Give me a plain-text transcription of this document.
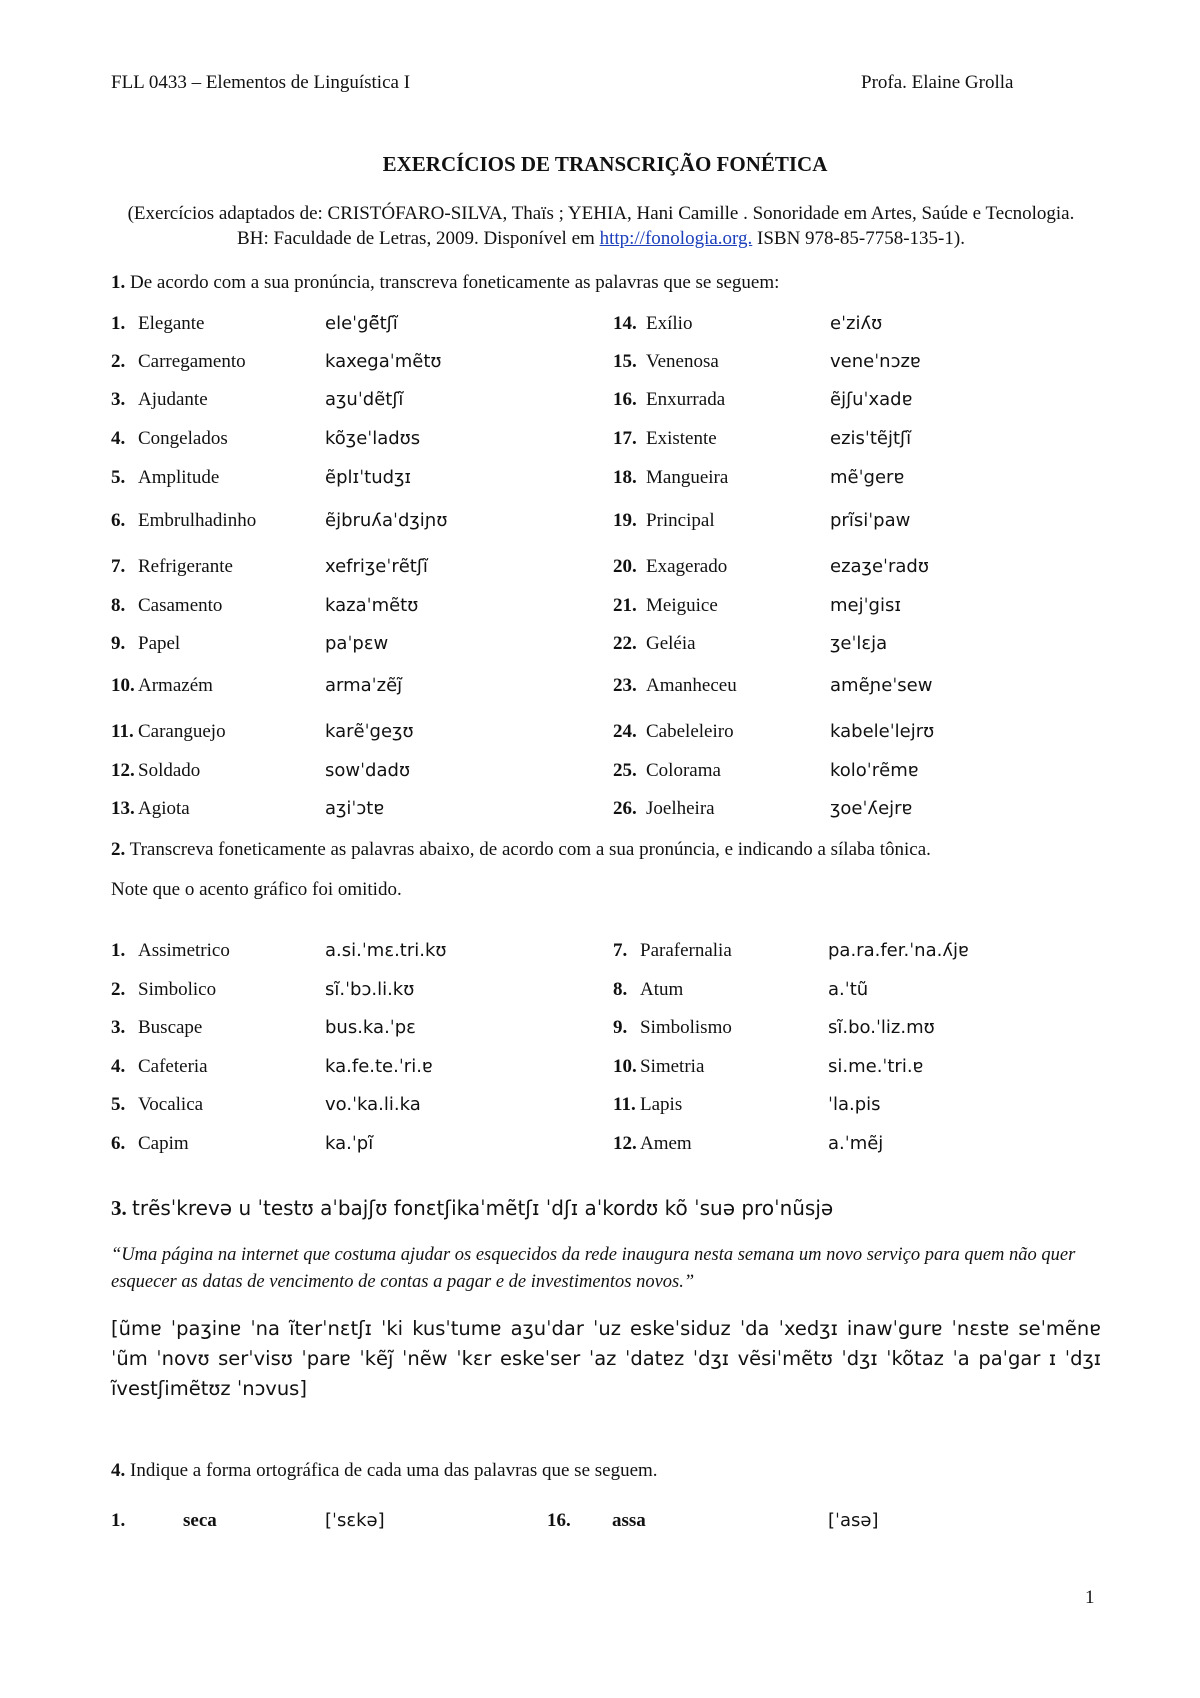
FLL 0433 – Elementos de Linguística I	Profa. Elaine Grolla
EXERCÍCIOS DE TRANSCRIÇÃO FONÉTICA
(Exercícios adaptados de: CRISTÓFARO-SILVA, Thaïs ; YEHIA, Hani Camille . Sonoridade em Artes, Saúde e Tecnologia. BH: Faculdade de Letras, 2009. Disponível em http://fonologia.org. ISBN 978-85-7758-135-1).
1. De acordo com a sua pronúncia, transcreva foneticamente as palavras que se seguem:
1. Elegante	eleˈgẽ̃tʃĩ
2. Carregamento	kaxegaˈmẽtʊ
3. Ajudante	aʒuˈdẽtʃĩ
4. Congelados	kõʒeˈladʊs
5. Amplitude	ẽplɪˈtudʒɪ
6. Embrulhadinho	ẽjbruʎaˈdʒiɲʊ
7. Refrigerante	xefriʒeˈrẽtʃĩ
8. Casamento	kazaˈmẽtʊ
9. Papel	paˈpɛw
10. Armazém	armaˈzẽj̃
11. Caranguejo	karẽˈgeʒʊ
12. Soldado	sowˈdadʊ
13. Agiota	aʒiˈɔtɐ
14. Exílio	eˈziʎʊ
15. Venenosa	veneˈnɔzɐ
16. Enxurrada	ẽjʃuˈxadɐ
17. Existente	ezisˈtẽjtʃĩ
18. Mangueira	mẽˈgerɐ
19. Principal	prĩsiˈpaw
20. Exagerado	ezaʒeˈradʊ
21. Meiguice	mejˈgisɪ
22. Geléia	ʒeˈlɛja
23. Amanheceu	amẽɲeˈsew
24. Cabeleleiro	kabeleˈlejrʊ
25. Colorama	koloˈrẽmɐ
26. Joelheira	ʒoeˈʎejrɐ
2. Transcreva foneticamente as palavras abaixo, de acordo com a sua pronúncia, e indicando a sílaba tônica.
Note que o acento gráfico foi omitido.
1. Assimetrico	a.si.ˈmɛ.tri.kʊ
2. Simbolico	sĩ.ˈbɔ.li.kʊ
3. Buscape	bus.ka.ˈpɛ
4. Cafeteria	ka.fe.te.ˈri.ɐ
5. Vocalica	vo.ˈka.li.ka
6. Capim	ka.ˈpĩ
7. Parafernalia	pa.ra.fer.ˈna.ʎjɐ
8. Atum	a.ˈtũ
9. Simbolismo	sĩ.bo.ˈliz.mʊ
10. Simetria	si.me.ˈtri.ɐ
11. Lapis	ˈla.pis
12. Amem	a.ˈmẽj
3. trẽsˈkrevə u ˈtestʊ aˈbajʃʊ fonɛtʃikaˈmẽtʃɪ ˈdʃɪ aˈkordʊ kõ ˈsuə proˈnũsjə
“Uma página na internet que costuma ajudar os esquecidos da rede inaugura nesta semana um novo serviço para quem não quer esquecer as datas de vencimento de contas a pagar e de investimentos novos.”
[ũmɐ ˈpaʒinɐ ˈna ĩterˈnɛtʃɪ ˈki kusˈtumɐ aʒuˈdar ˈuz eskeˈsiduz ˈda ˈxedʒɪ inawˈgurɐ ˈnɛstɐ seˈmẽnɐ ˈũm ˈnovʊ serˈvisʊ ˈparɐ ˈkẽj̃ ˈnẽw ˈkɛr eskeˈser ˈaz ˈdatɐz ˈdʒɪ vẽsiˈmẽtʊ ˈdʒɪ ˈkõtaz ˈa paˈgar ɪ ˈdʒɪ ĩvestʃimẽtʊz ˈnɔvus]
4. Indique a forma ortográfica de cada uma das palavras que se seguem.
1.	seca	[ˈsɛkə]	16. assa	[ˈasə]
1
